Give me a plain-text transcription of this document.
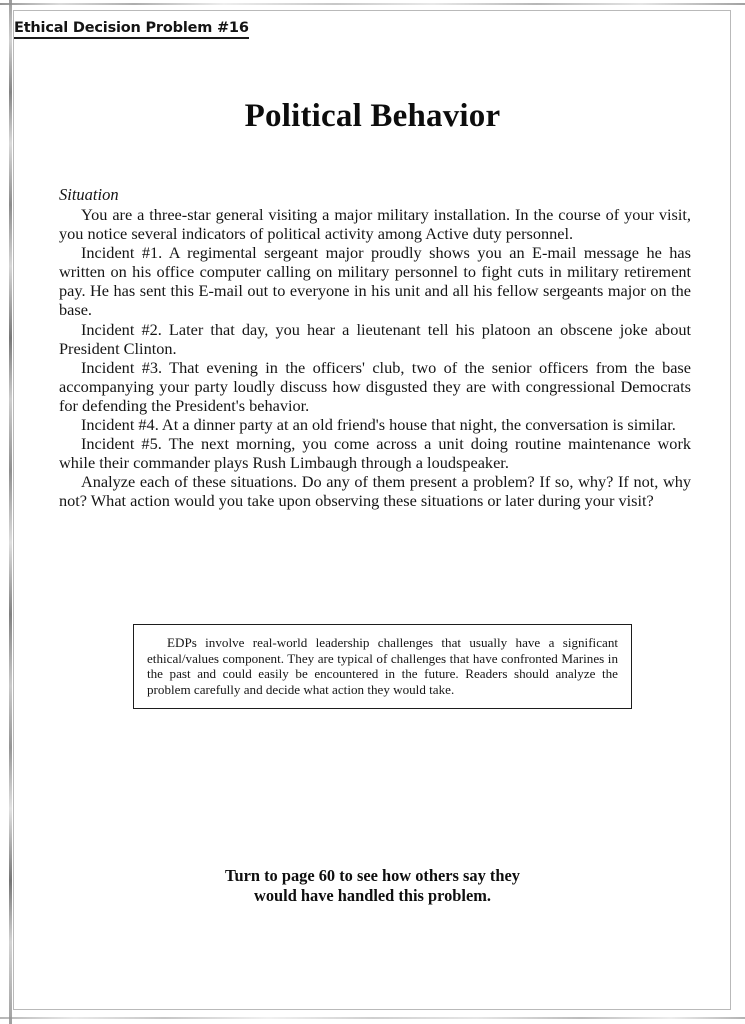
Ethical Decision Problem #16
Political Behavior
Situation

You are a three-star general visiting a major military installation. In the course of your visit, you notice several indicators of political activity among Active duty personnel.

Incident #1. A regimental sergeant major proudly shows you an E-mail message he has written on his office computer calling on military personnel to fight cuts in military retirement pay. He has sent this E-mail out to everyone in his unit and all his fellow sergeants major on the base.

Incident #2. Later that day, you hear a lieutenant tell his platoon an obscene joke about President Clinton.

Incident #3. That evening in the officers' club, two of the senior officers from the base accompanying your party loudly discuss how disgusted they are with congressional Democrats for defending the President's behavior.

Incident #4. At a dinner party at an old friend's house that night, the conversation is similar.

Incident #5. The next morning, you come across a unit doing routine maintenance work while their commander plays Rush Limbaugh through a loudspeaker.

Analyze each of these situations. Do any of them present a problem? If so, why? If not, why not? What action would you take upon observing these situations or later during your visit?

EDPs involve real-world leadership challenges that usually have a significant ethical/values component. They are typical of challenges that have confronted Marines in the past and could easily be encountered in the future. Readers should analyze the problem carefully and decide what action they would take.

Turn to page 60 to see how others say they
would have handled this problem.
